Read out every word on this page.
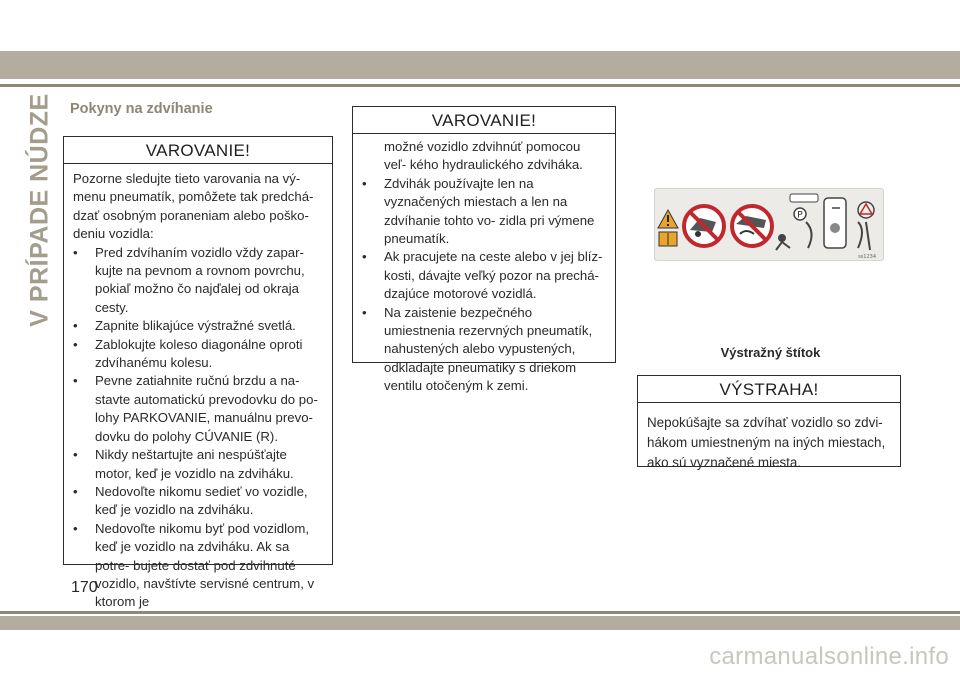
V PRÍPADE NÚDZE Pokyny na zdvíhanie
VAROVANIE!

Pozorne sledujte tieto varovania na vý- menu pneumatík, pomôžete tak predchá- dzať osobným poraneniam alebo poško- deniu vozidla:

• Pred zdvíhaním vozidlo vždy zapar- kujte na pevnom a rovnom povrchu, pokiaľ možno čo najďalej od okraja cesty.
• Zapnite blikajúce výstražné svetlá.
• Zablokujte koleso diagonálne oproti zdvíhanému kolesu.
• Pevne zatiahnite ručnú brzdu a na- stavte automatickú prevodovku do po- lohy PARKOVANIE, manuálnu prevo- dovku do polohy CÚVANIE (R).
• Nikdy neštartujte ani nespúšťajte motor, keď je vozidlo na zdviháku.
• Nedovoľte nikomu sedieť vo vozidle, keď je vozidlo na zdviháku.
• Nedovoľte nikomu byť pod vozidlom, keď je vozidlo na zdviháku. Ak sa potre- bujete dostať pod zdvihnuté vozidlo, navštívte servisné centrum, v ktorom je
VAROVANIE!

možné vozidlo zdvihnúť pomocou veľ- kého hydraulického zdviháka.

• Zdvihák používajte len na vyznačených miestach a len na zdvíhanie tohto vo- zidla pri výmene pneumatík.
• Ak pracujete na ceste alebo v jej blíz- kosti, dávajte veľký pozor na prechá- dzajúce motorové vozidlá.
• Na zaistenie bezpečného umiestnenia rezervných pneumatík, nahustených alebo vypustených, odkladajte pneumatiky s driekom ventilu otočeným k zemi.
P
ss1234
Výstražný štítok
VÝSTRAHA!

Nepokúšajte sa zdvíhať vozidlo so zdvi- hákom umiestneným na iných miestach, ako sú vyznačené miesta.

170
carmanualsonline.info
